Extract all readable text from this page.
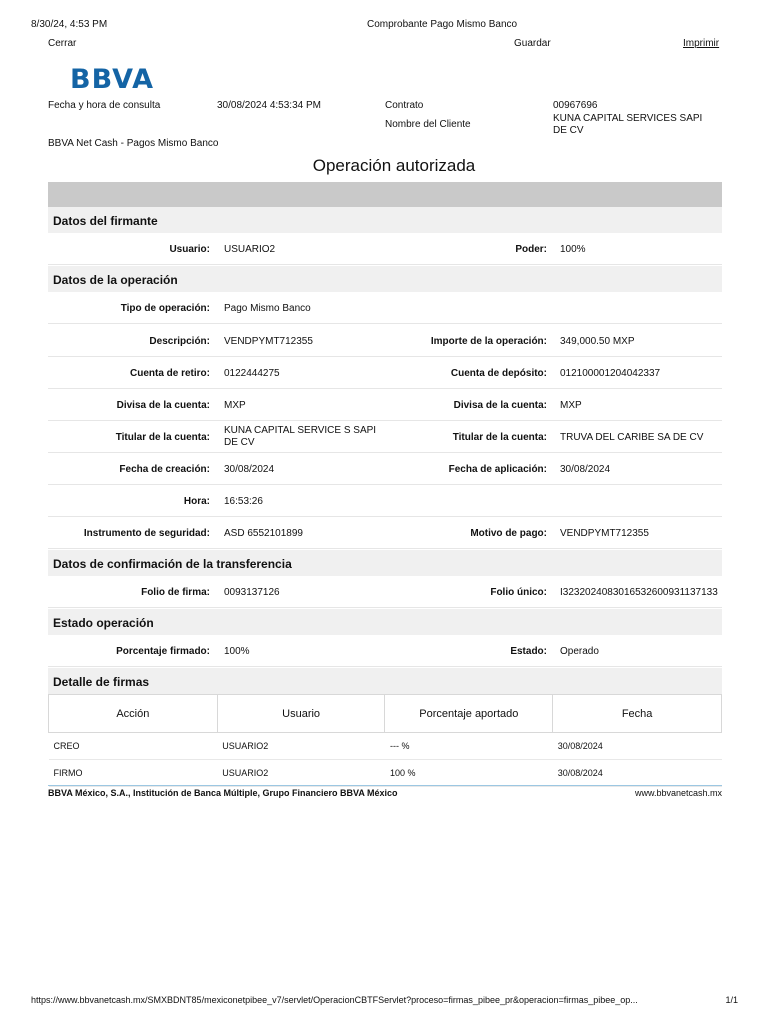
8/30/24, 4:53 PM	Comprobante Pago Mismo Banco
Cerrar	Guardar	Imprimir
BBVA
Fecha y hora de consulta	30/08/2024 4:53:34 PM	Contrato	00967696
Nombre del Cliente
KUNA CAPITAL SERVICES SAPI
DE CV
BBVA Net Cash - Pagos Mismo Banco
Operación autorizada
Datos del firmante
Usuario: USUARIO2	Poder: 100%
Datos de la operación
Tipo de operación: Pago Mismo Banco
Descripción: VENDPYMT712355	Importe de la operación: 349,000.50 MXP
Cuenta de retiro: 0122444275	Cuenta de depósito: 012100001204042337
Divisa de la cuenta: MXP	Divisa de la cuenta: MXP
Titular de la cuenta:
KUNA CAPITAL SERVICE S SAPI
DE CV	Titular de la cuenta: TRUVA DEL CARIBE SA DE CV
Fecha de creación: 30/08/2024	Fecha de aplicación: 30/08/2024
Hora: 16:53:26
Instrumento de seguridad: ASD 6552101899	Motivo de pago: VENDPYMT712355
Datos de confirmación de la transferencia
Folio de firma: 0093137126	Folio único: I3232024083016532600931137133
Estado operación
Porcentaje firmado: 100%	Estado: Operado
Detalle de firmas
Acción	Usuario	Porcentaje aportado	Fecha
CREO	USUARIO2	--- %	30/08/2024
FIRMO	USUARIO2	100 %	30/08/2024
BBVA México, S.A., Institución de Banca Múltiple, Grupo Financiero BBVA México	www.bbvanetcash.mx
https://www.bbvanetcash.mx/SMXBDNT85/mexiconetpibee_v7/servlet/OperacionCBTFServlet?proceso=firmas_pibee_pr&operacion=firmas_pibee_op...	1/1
